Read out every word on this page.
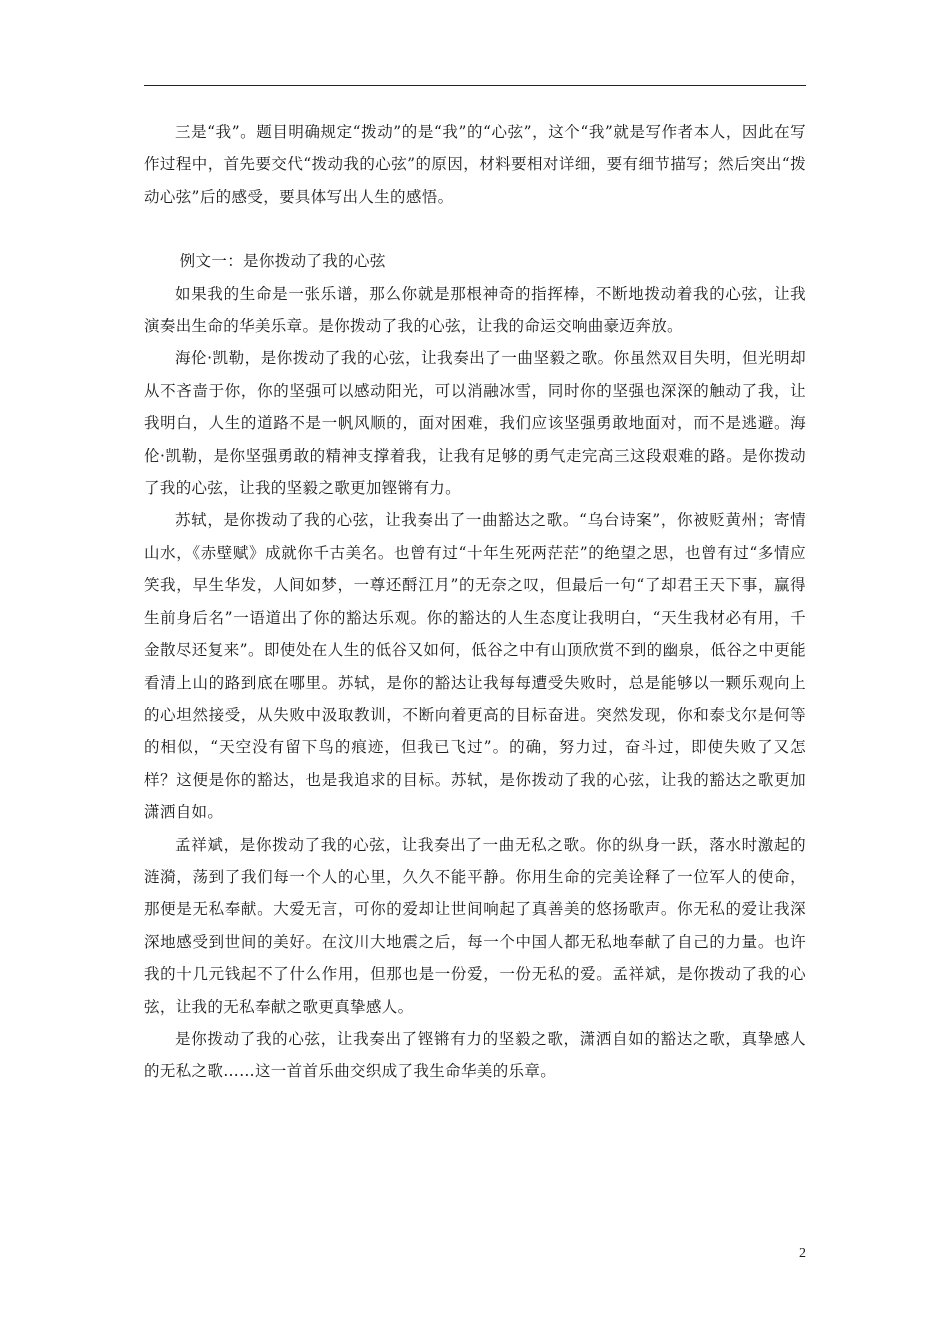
三是“我”。题目明确规定“拨动”的是“我”的“心弦”，这个“我”就是写作者本人，因此在写作过程中，首先要交代“拨动我的心弦”的原因，材料要相对详细，要有细节描写；然后突出“拨动心弦”后的感受，要具体写出人生的感悟。

例文一：是你拨动了我的心弦

如果我的生命是一张乐谱，那么你就是那根神奇的指挥棒，不断地拨动着我的心弦，让我演奏出生命的华美乐章。是你拨动了我的心弦，让我的命运交响曲豪迈奔放。

海伦·凯勒，是你拨动了我的心弦，让我奏出了一曲坚毅之歌。你虽然双目失明，但光明却从不吝啬于你，你的坚强可以感动阳光，可以消融冰雪，同时你的坚强也深深的触动了我，让我明白，人生的道路不是一帆风顺的，面对困难，我们应该坚强勇敢地面对，而不是逃避。海伦·凯勒，是你坚强勇敢的精神支撑着我，让我有足够的勇气走完高三这段艰难的路。是你拨动了我的心弦，让我的坚毅之歌更加铿锵有力。

苏轼，是你拨动了我的心弦，让我奏出了一曲豁达之歌。“乌台诗案”，你被贬黄州；寄情山水，《赤壁赋》成就你千古美名。也曾有过“十年生死两茫茫”的绝望之思，也曾有过“多情应笑我，早生华发，人间如梦，一尊还酹江月”的无奈之叹，但最后一句“了却君王天下事，赢得生前身后名”一语道出了你的豁达乐观。你的豁达的人生态度让我明白，“天生我材必有用，千金散尽还复来”。即使处在人生的低谷又如何，低谷之中有山顶欣赏不到的幽泉，低谷之中更能看清上山的路到底在哪里。苏轼，是你的豁达让我每每遭受失败时，总是能够以一颗乐观向上的心坦然接受，从失败中汲取教训，不断向着更高的目标奋进。突然发现，你和泰戈尔是何等的相似，“天空没有留下鸟的痕迹，但我已飞过”。的确，努力过，奋斗过，即使失败了又怎样？这便是你的豁达，也是我追求的目标。苏轼，是你拨动了我的心弦，让我的豁达之歌更加潇洒自如。

孟祥斌，是你拨动了我的心弦，让我奏出了一曲无私之歌。你的纵身一跃，落水时激起的涟漪，荡到了我们每一个人的心里，久久不能平静。你用生命的完美诠释了一位军人的使命，那便是无私奉献。大爱无言，可你的爱却让世间响起了真善美的悠扬歌声。你无私的爱让我深深地感受到世间的美好。在汶川大地震之后，每一个中国人都无私地奉献了自己的力量。也许我的十几元钱起不了什么作用，但那也是一份爱，一份无私的爱。孟祥斌，是你拨动了我的心弦，让我的无私奉献之歌更真挚感人。

是你拨动了我的心弦，让我奏出了铿锵有力的坚毅之歌，潇洒自如的豁达之歌，真挚感人的无私之歌……这一首首乐曲交织成了我生命华美的乐章。

2
